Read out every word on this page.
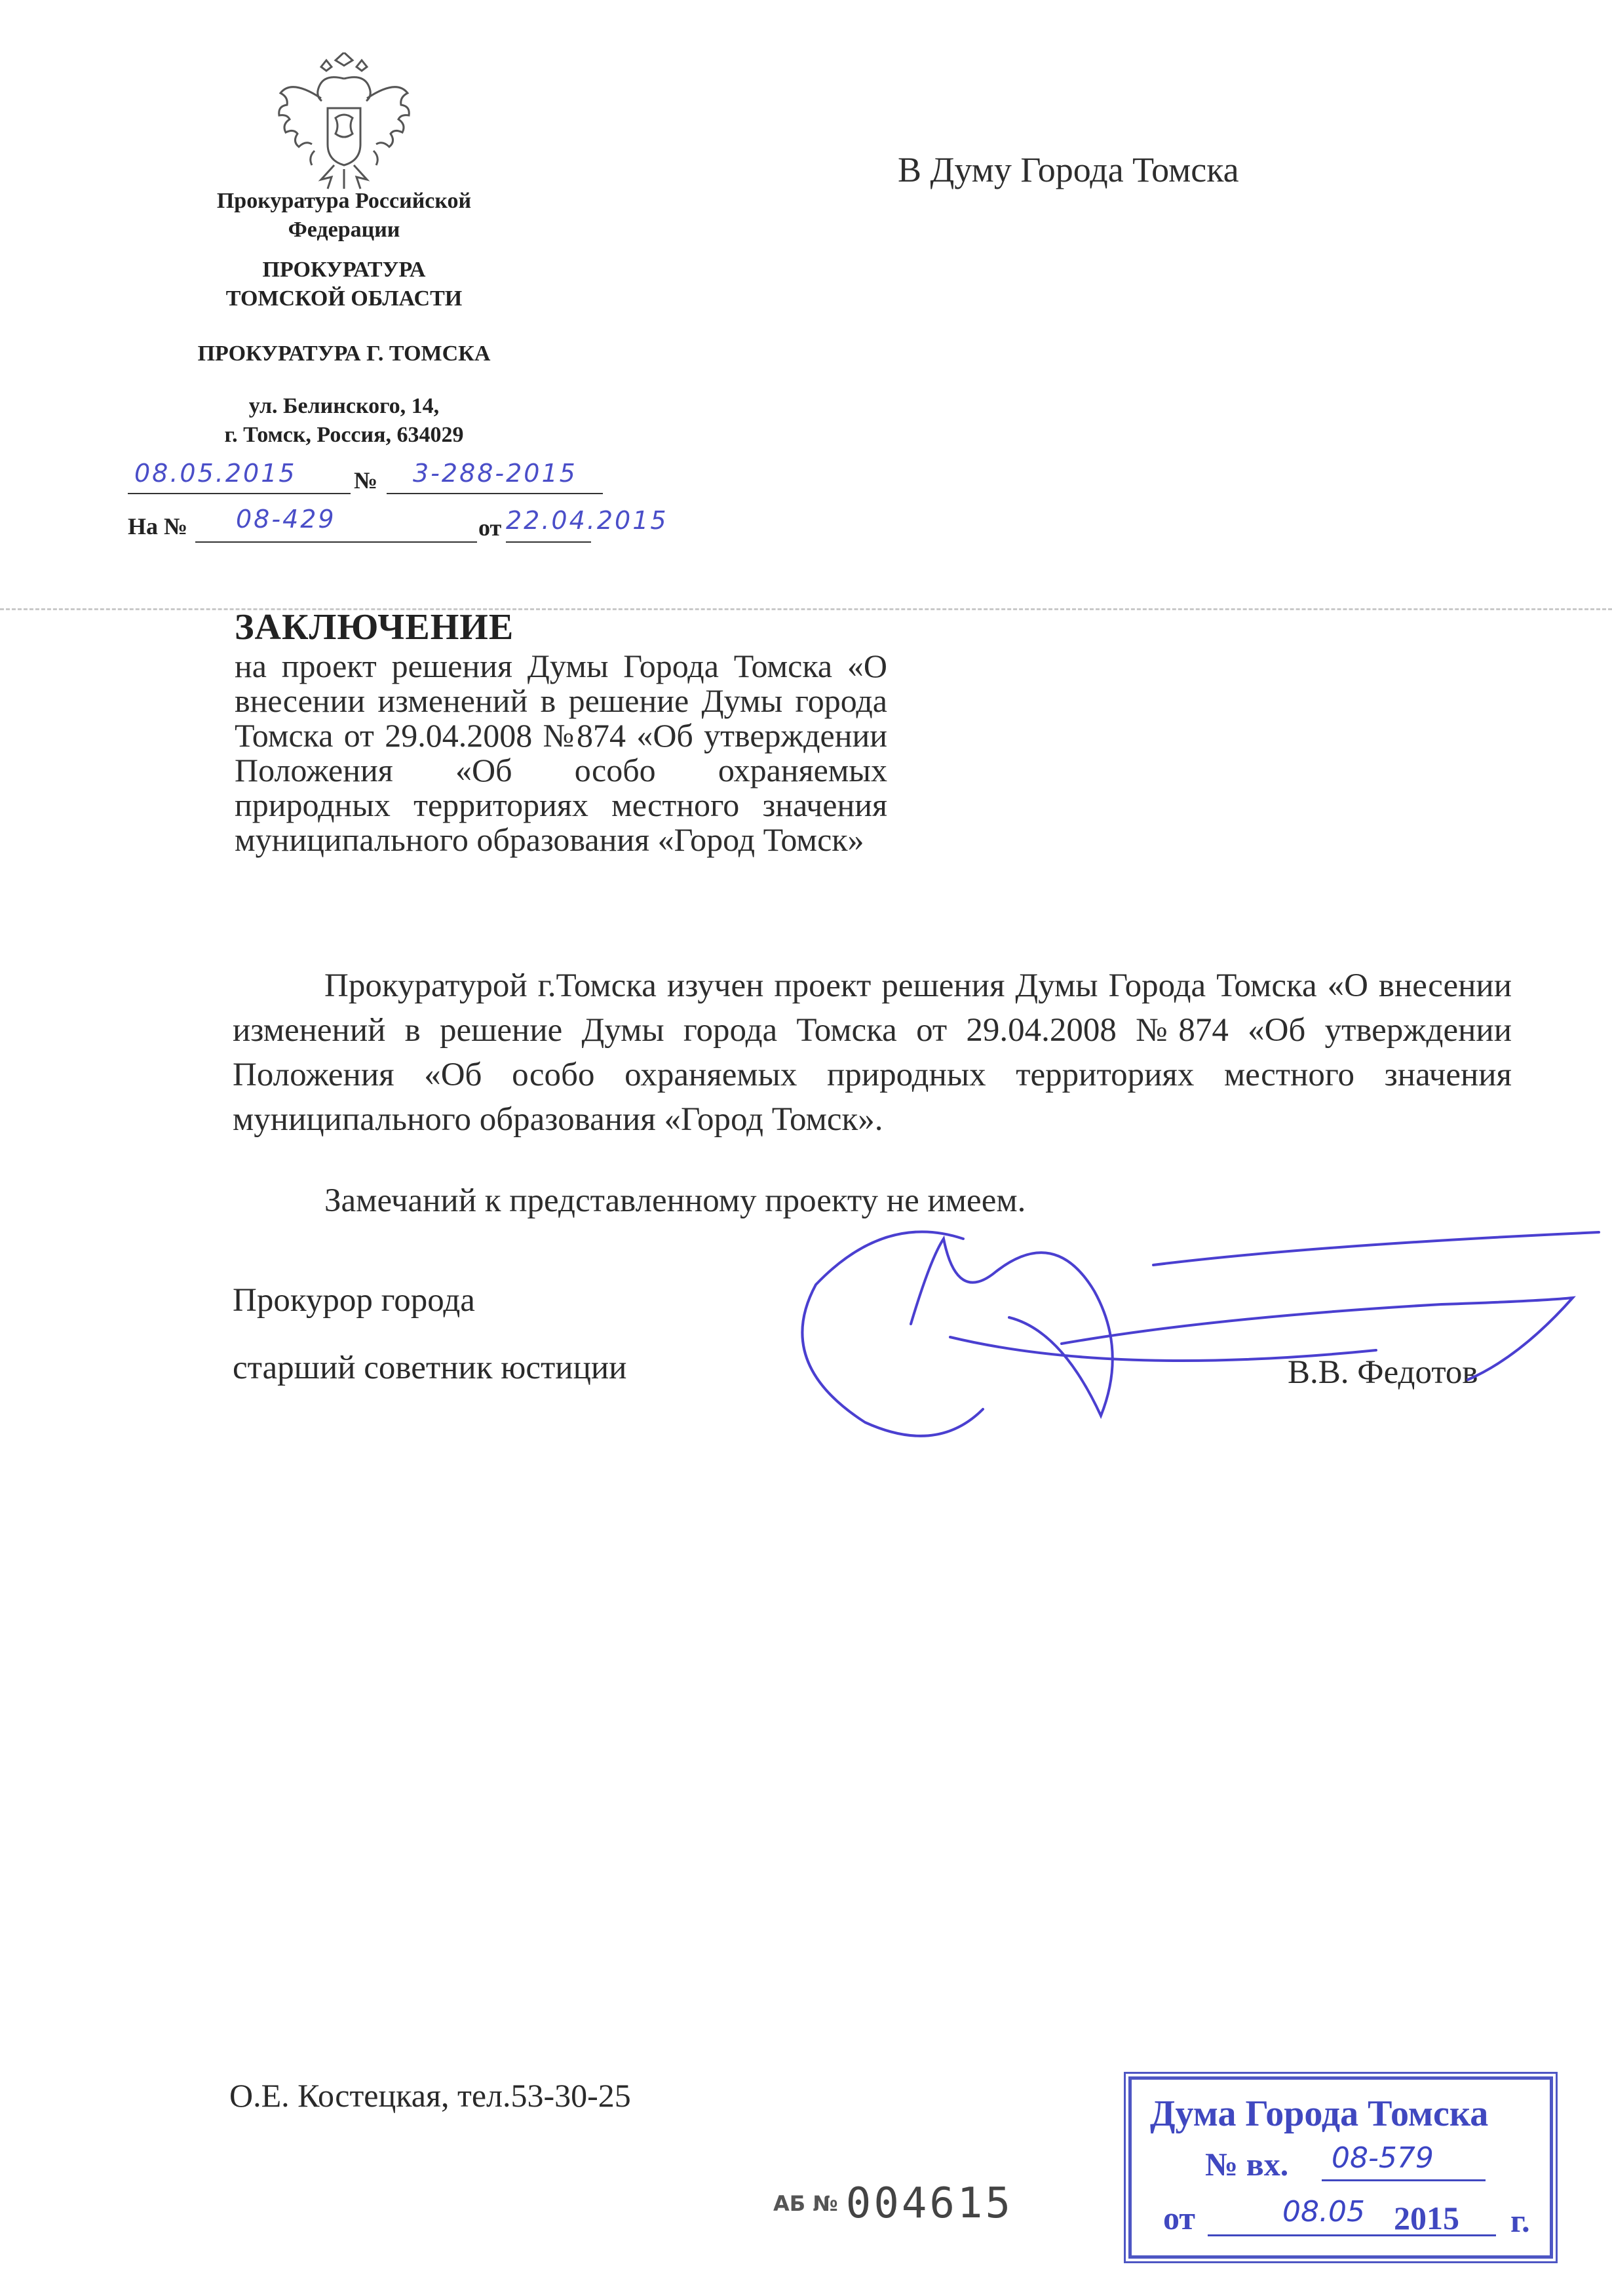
Прокуратура Российской
Федерации
ПРОКУРАТУРА
ТОМСКОЙ ОБЛАСТИ
ПРОКУРАТУРА Г. ТОМСКА
ул. Белинского, 14,
г. Томск, Россия, 634029
08.05.2015 № 3-288-2015
На № 08-429	от 22.04.2015
В Думу Города Томска
ЗАКЛЮЧЕНИЕ
на проект решения Думы Города Томска «О внесении изменений в решение Думы города Томска от 29.04.2008 №874 «Об утверждении Положения «Об особо охраняемых природных территориях местного значения муниципального образования «Город Томск»
Прокуратурой г.Томска изучен проект решения Думы Города Томска «О внесении изменений в решение Думы города Томска от 29.04.2008 №874 «Об утверждении Положения «Об особо охраняемых природных территориях местного значения муниципального образования «Город Томск».
Замечаний к представленному проекту не имеем.
Прокурор города
старший советник юстиции	В.В. Федотов
О.Е. Костецкая, тел.53-30-25
АБ № 004615
Дума Города Томска
№ вх. 08-579
от	08.05 2015 г.
